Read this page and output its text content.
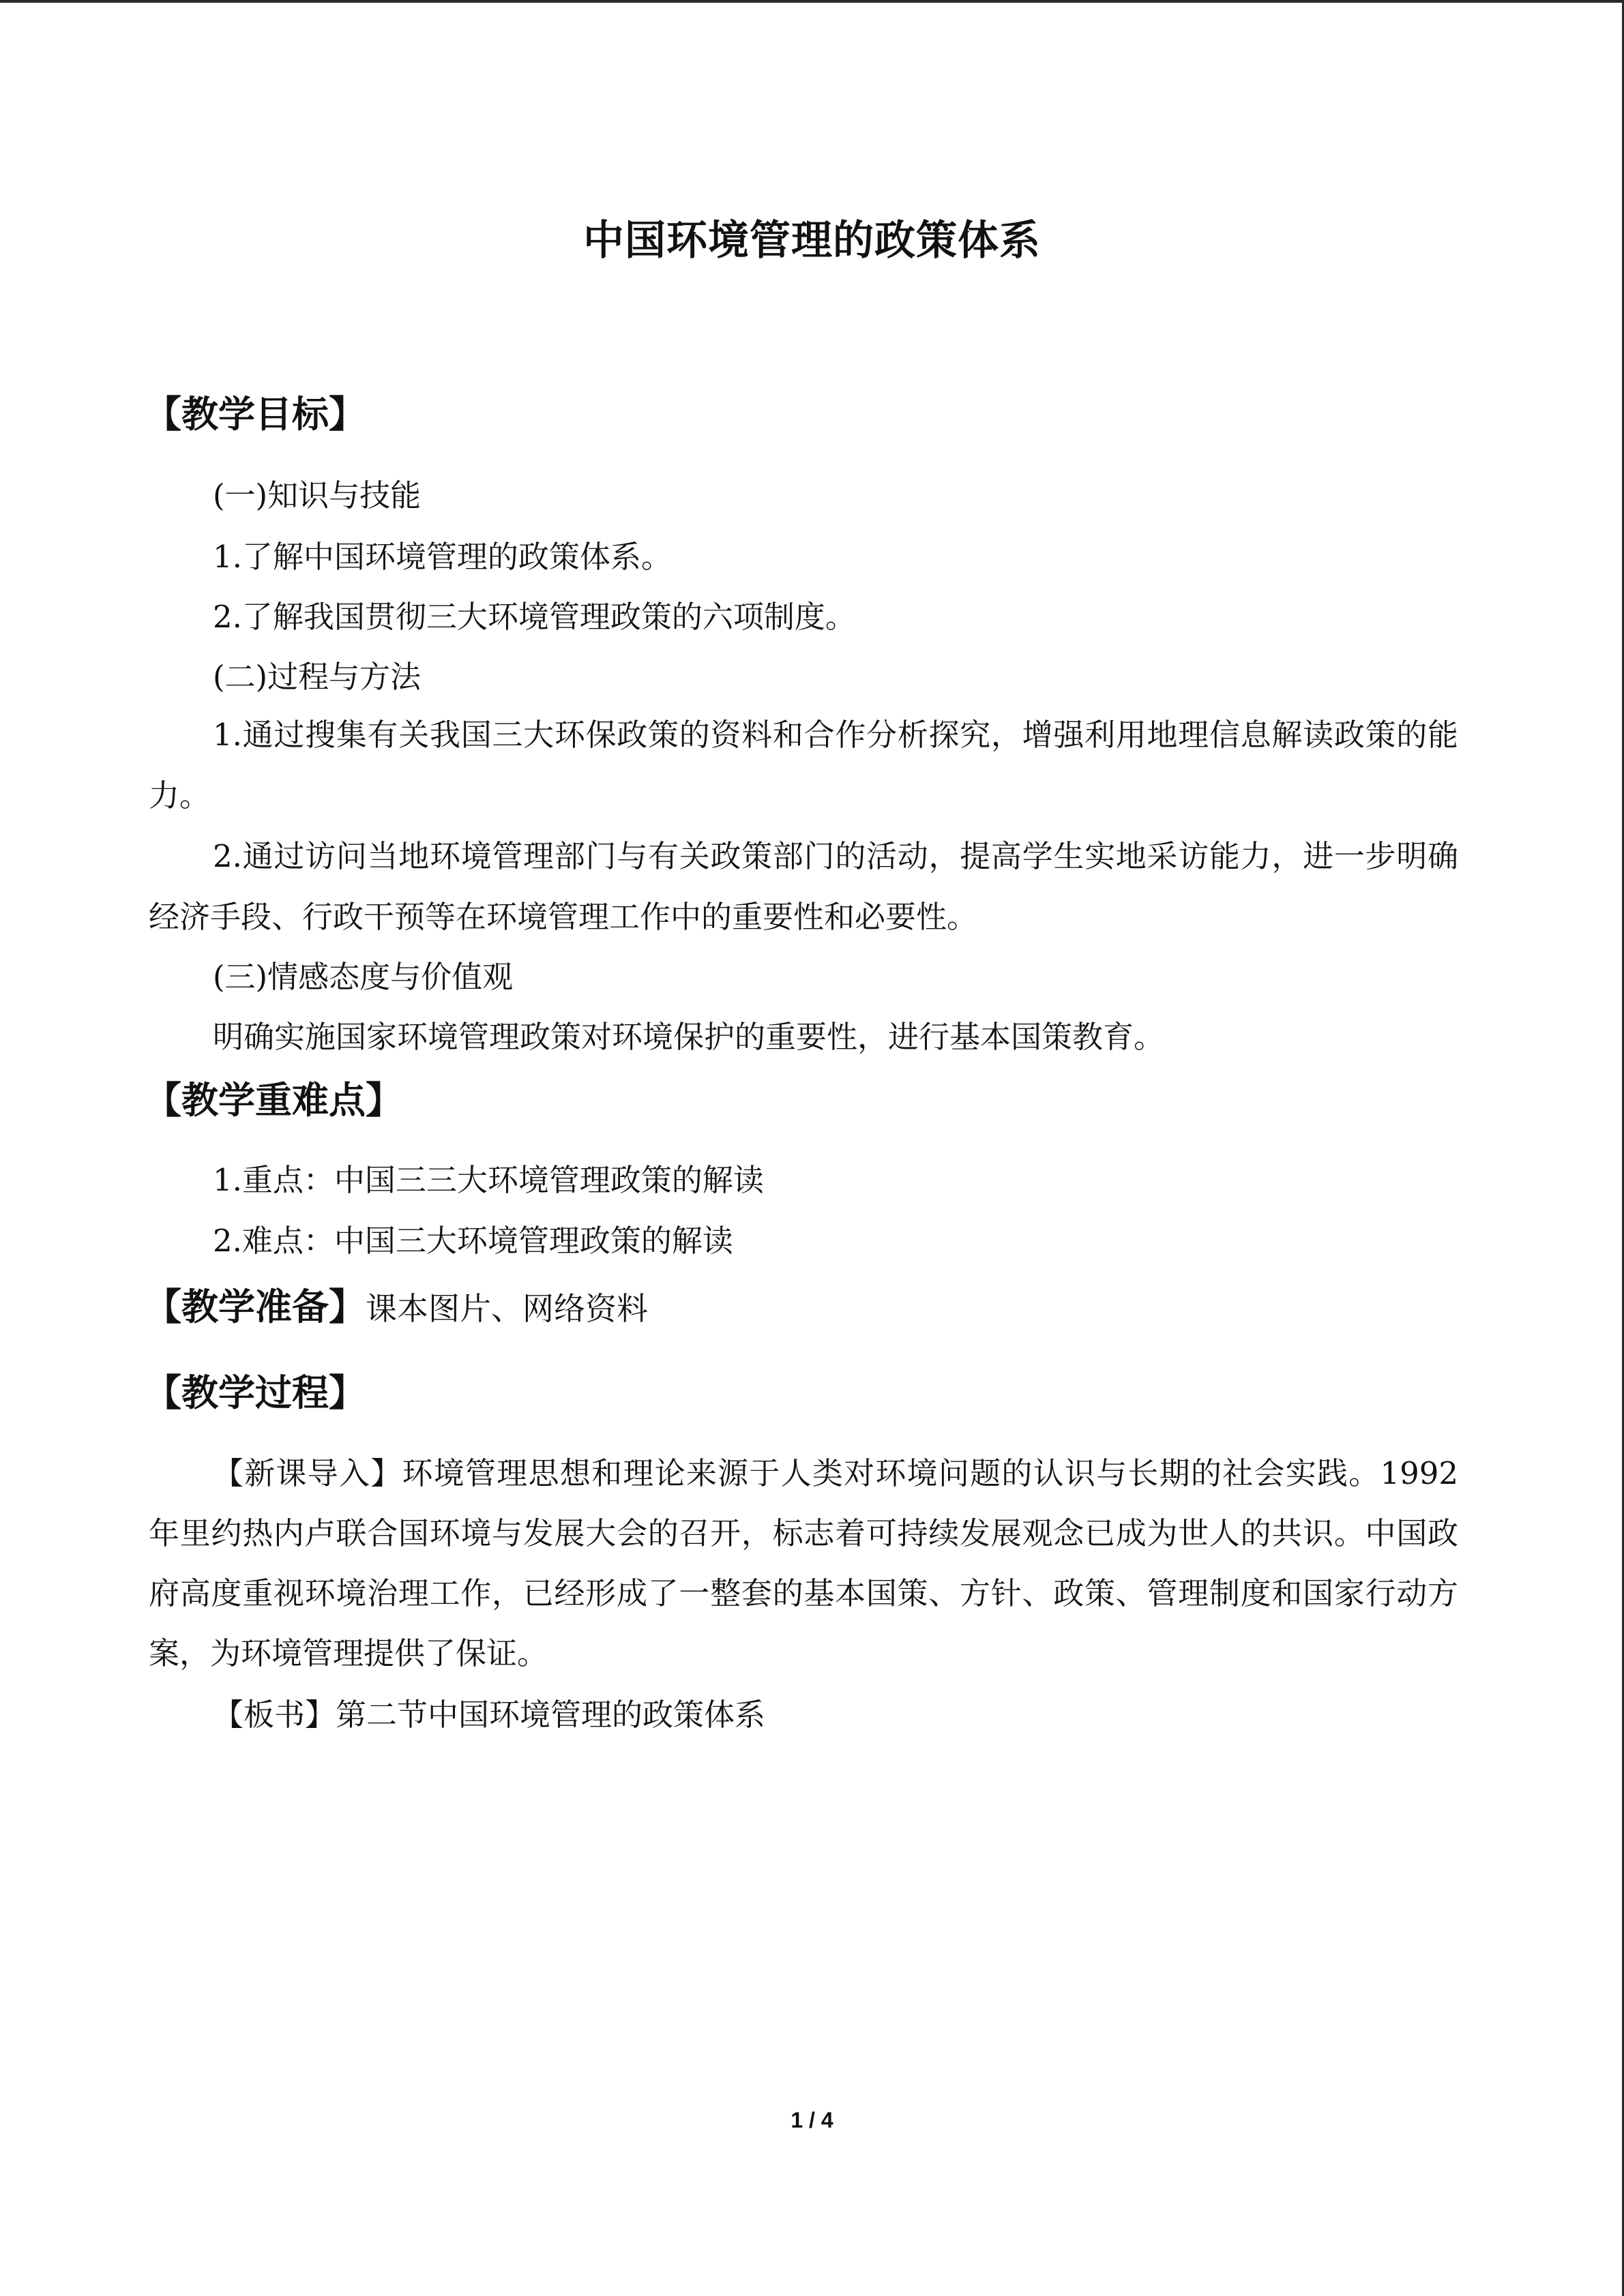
中国环境管理的政策体系
【教学目标】
(一)知识与技能
1.了解中国环境管理的政策体系。
2.了解我国贯彻三大环境管理政策的六项制度。
(二)过程与方法
1.通过搜集有关我国三大环保政策的资料和合作分析探究，增强利用地理信息解读政策的能力。
2.通过访问当地环境管理部门与有关政策部门的活动，提高学生实地采访能力，进一步明确经济手段、行政干预等在环境管理工作中的重要性和必要性。
(三)情感态度与价值观
明确实施国家环境管理政策对环境保护的重要性，进行基本国策教育。
【教学重难点】
1.重点：中国三三大环境管理政策的解读
2.难点：中国三大环境管理政策的解读
【教学准备】课本图片、网络资料
【教学过程】
【新课导入】环境管理思想和理论来源于人类对环境问题的认识与长期的社会实践。1992 年里约热内卢联合国环境与发展大会的召开，标志着可持续发展观念已成为世人的共识。中国政府高度重视环境治理工作，已经形成了一整套的基本国策、方针、政策、管理制度和国家行动方案，为环境管理提供了保证。
【板书】第二节中国环境管理的政策体系
1 / 4
